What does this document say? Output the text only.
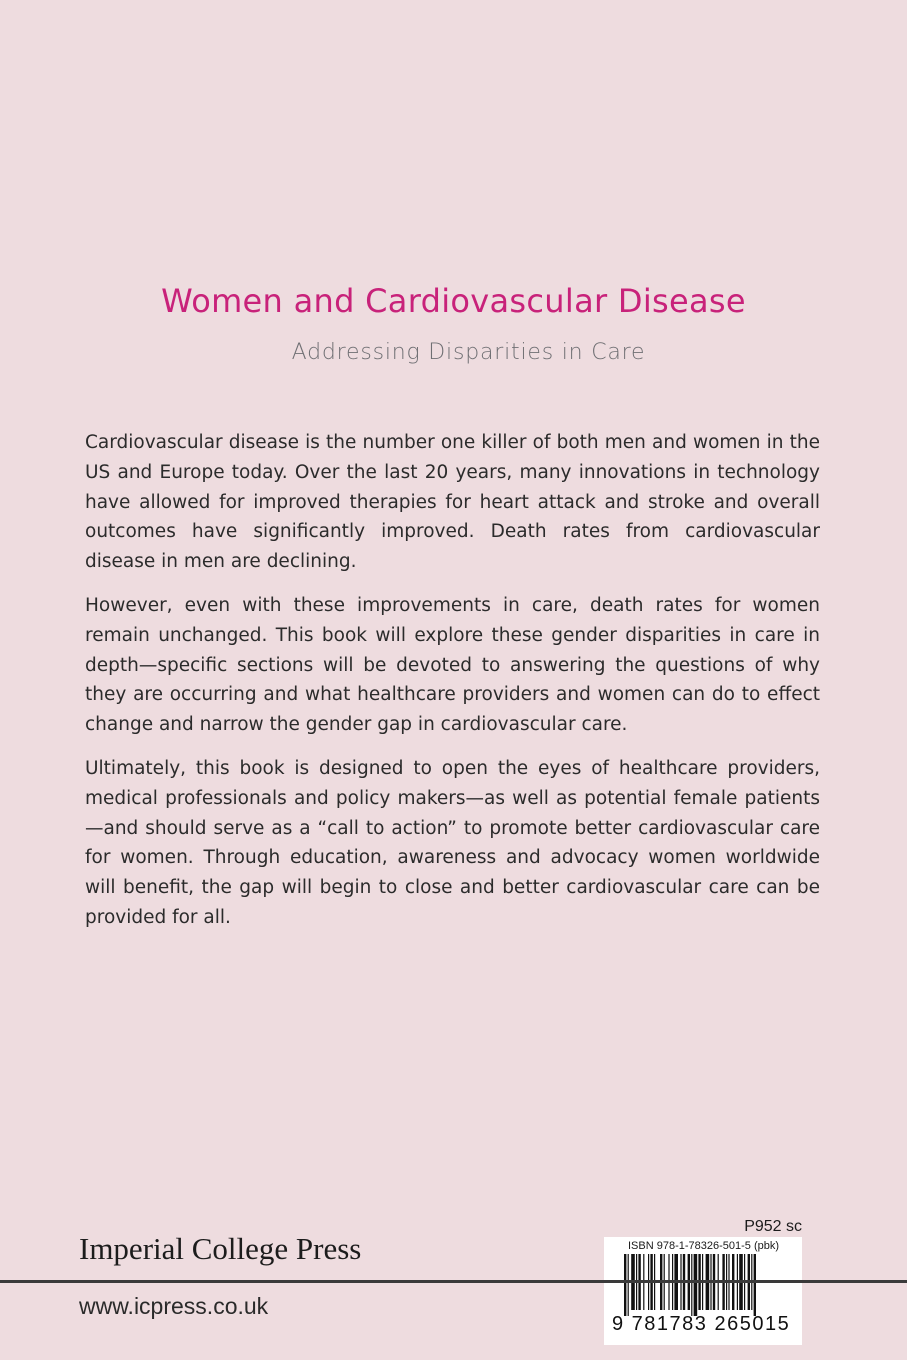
Women and Cardiovascular Disease
Addressing Disparities in Care

Cardiovascular disease is the number one killer of both men and women in the US and Europe today. Over the last 20 years, many innovations in technology have allowed for improved therapies for heart attack and stroke and overall outcomes have significantly improved. Death rates from cardiovascular disease in men are declining.

However, even with these improvements in care, death rates for women remain unchanged. This book will explore these gender disparities in care in depth—specific sections will be devoted to answering the questions of why they are occurring and what healthcare providers and women can do to effect change and narrow the gender gap in cardiovascular care.

Ultimately, this book is designed to open the eyes of healthcare providers, medical professionals and policy makers—as well as potential female patients—and should serve as a “call to action” to promote better cardiovascular care for women. Through education, awareness and advocacy women worldwide will benefit, the gap will begin to close and better cardiovascular care can be provided for all.

P952 sc
Imperial College Press	ISBN 978-1-78326-501-5 (pbk)
9 781783 265015
www.icpress.co.uk
